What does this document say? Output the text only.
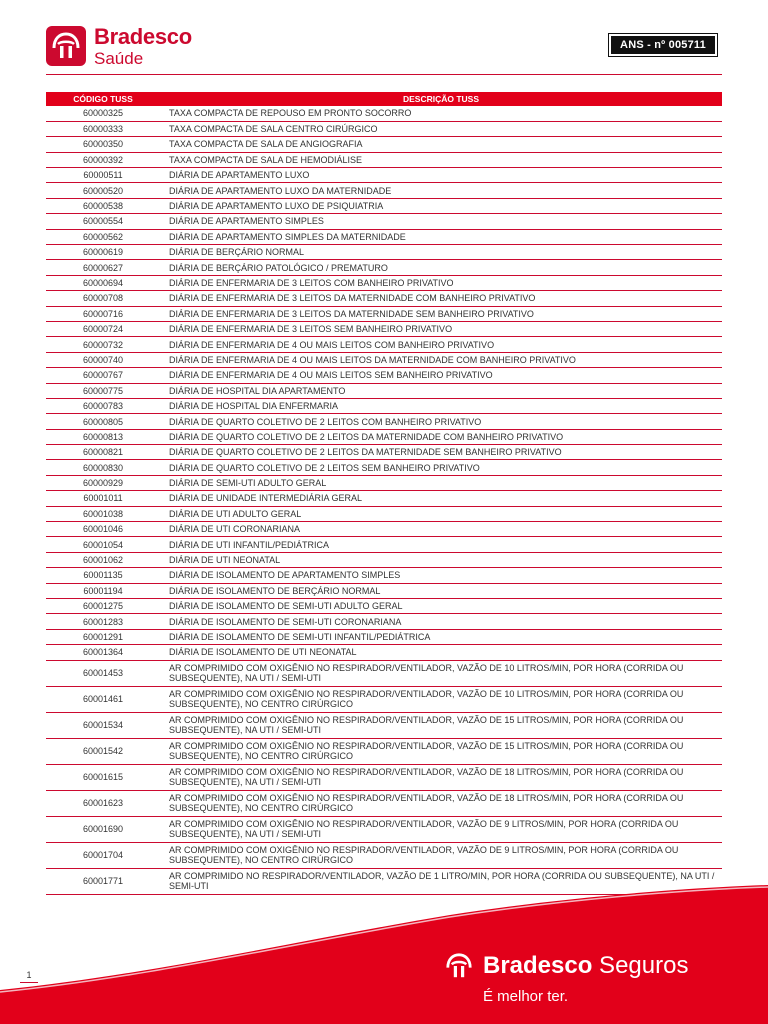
Bradesco
Saúde
ANS - nº 005711
CÓDIGO TUSS	DESCRIÇÃO TUSS
60000325	TAXA COMPACTA DE REPOUSO EM PRONTO SOCORRO
60000333	TAXA COMPACTA DE SALA CENTRO CIRÚRGICO
60000350	TAXA COMPACTA DE SALA DE ANGIOGRAFIA
60000392	TAXA COMPACTA DE SALA DE HEMODIÁLISE
60000511	DIÁRIA DE APARTAMENTO LUXO
60000520	DIÁRIA DE APARTAMENTO LUXO DA MATERNIDADE
60000538	DIÁRIA DE APARTAMENTO LUXO DE PSIQUIATRIA
60000554	DIÁRIA DE APARTAMENTO SIMPLES
60000562	DIÁRIA DE APARTAMENTO SIMPLES DA MATERNIDADE
60000619	DIÁRIA DE BERÇÁRIO NORMAL
60000627	DIÁRIA DE BERÇÁRIO PATOLÓGICO / PREMATURO
60000694	DIÁRIA DE ENFERMARIA DE 3 LEITOS COM BANHEIRO PRIVATIVO
60000708	DIÁRIA DE ENFERMARIA DE 3 LEITOS DA MATERNIDADE COM BANHEIRO PRIVATIVO
60000716	DIÁRIA DE ENFERMARIA DE 3 LEITOS DA MATERNIDADE SEM BANHEIRO PRIVATIVO
60000724	DIÁRIA DE ENFERMARIA DE 3 LEITOS SEM BANHEIRO PRIVATIVO
60000732	DIÁRIA DE ENFERMARIA DE 4 OU MAIS LEITOS COM BANHEIRO PRIVATIVO
60000740	DIÁRIA DE ENFERMARIA DE 4 OU MAIS LEITOS DA MATERNIDADE COM BANHEIRO PRIVATIVO
60000767	DIÁRIA DE ENFERMARIA DE 4 OU MAIS LEITOS SEM BANHEIRO PRIVATIVO
60000775	DIÁRIA DE HOSPITAL DIA APARTAMENTO
60000783	DIÁRIA DE HOSPITAL DIA ENFERMARIA
60000805	DIÁRIA DE QUARTO COLETIVO DE 2 LEITOS COM BANHEIRO PRIVATIVO
60000813	DIÁRIA DE QUARTO COLETIVO DE 2 LEITOS DA MATERNIDADE COM BANHEIRO PRIVATIVO
60000821	DIÁRIA DE QUARTO COLETIVO DE 2 LEITOS DA MATERNIDADE SEM BANHEIRO PRIVATIVO
60000830	DIÁRIA DE QUARTO COLETIVO DE 2 LEITOS SEM BANHEIRO PRIVATIVO
60000929	DIÁRIA DE SEMI-UTI ADULTO GERAL
60001011	DIÁRIA DE UNIDADE INTERMEDIÁRIA GERAL
60001038	DIÁRIA DE UTI ADULTO GERAL
60001046	DIÁRIA DE UTI CORONARIANA
60001054	DIÁRIA DE UTI INFANTIL/PEDIÁTRICA
60001062	DIÁRIA DE UTI NEONATAL
60001135	DIÁRIA DE ISOLAMENTO DE APARTAMENTO SIMPLES
60001194	DIÁRIA DE ISOLAMENTO DE BERÇÁRIO NORMAL
60001275	DIÁRIA DE ISOLAMENTO DE SEMI-UTI ADULTO GERAL
60001283	DIÁRIA DE ISOLAMENTO DE SEMI-UTI CORONARIANA
60001291	DIÁRIA DE ISOLAMENTO DE SEMI-UTI INFANTIL/PEDIÁTRICA
60001364	DIÁRIA DE ISOLAMENTO DE UTI NEONATAL
60001453	AR COMPRIMIDO COM OXIGÊNIO NO RESPIRADOR/VENTILADOR, VAZÃO DE 10 LITROS/MIN, POR HORA (CORRIDA OU SUBSEQUENTE), NA UTI / SEMI-UTI
60001461	AR COMPRIMIDO COM OXIGÊNIO NO RESPIRADOR/VENTILADOR, VAZÃO DE 10 LITROS/MIN, POR HORA (CORRIDA OU SUBSEQUENTE), NO CENTRO CIRÚRGICO
60001534	AR COMPRIMIDO COM OXIGÊNIO NO RESPIRADOR/VENTILADOR, VAZÃO DE 15 LITROS/MIN, POR HORA (CORRIDA OU SUBSEQUENTE), NA UTI / SEMI-UTI
60001542	AR COMPRIMIDO COM OXIGÊNIO NO RESPIRADOR/VENTILADOR, VAZÃO DE 15 LITROS/MIN, POR HORA (CORRIDA OU SUBSEQUENTE), NO CENTRO CIRÚRGICO
60001615	AR COMPRIMIDO COM OXIGÊNIO NO RESPIRADOR/VENTILADOR, VAZÃO DE 18 LITROS/MIN, POR HORA (CORRIDA OU SUBSEQUENTE), NA UTI / SEMI-UTI
60001623	AR COMPRIMIDO COM OXIGÊNIO NO RESPIRADOR/VENTILADOR, VAZÃO DE 18 LITROS/MIN, POR HORA (CORRIDA OU SUBSEQUENTE), NO CENTRO CIRÚRGICO
60001690	AR COMPRIMIDO COM OXIGÊNIO NO RESPIRADOR/VENTILADOR, VAZÃO DE 9 LITROS/MIN, POR HORA (CORRIDA OU SUBSEQUENTE), NA UTI / SEMI-UTI
60001704	AR COMPRIMIDO COM OXIGÊNIO NO RESPIRADOR/VENTILADOR, VAZÃO DE 9 LITROS/MIN, POR HORA (CORRIDA OU SUBSEQUENTE), NO CENTRO CIRÚRGICO
60001771	AR COMPRIMIDO NO RESPIRADOR/VENTILADOR, VAZÃO DE 1 LITRO/MIN, POR HORA (CORRIDA OU SUBSEQUENTE), NA UTI / SEMI-UTI
1	Bradesco Seguros
É melhor ter.
